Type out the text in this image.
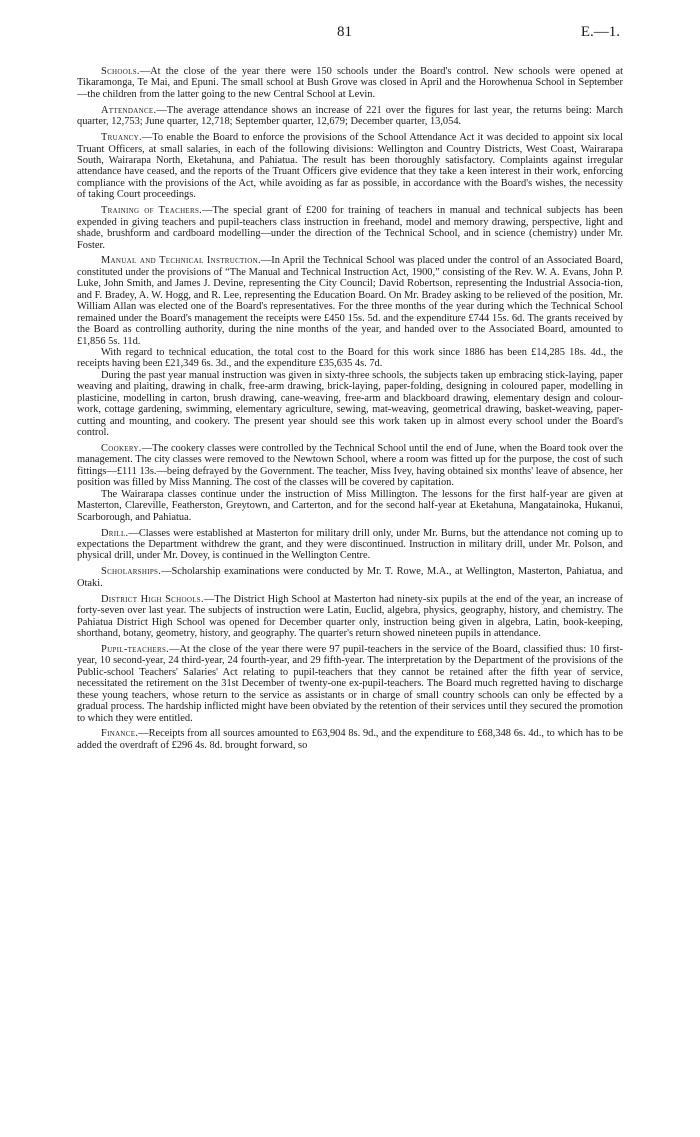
81	E.—1.

Schools.—At the close of the year there were 150 schools under the Board's control. New schools were opened at Tikaramonga, Te Mai, and Epuni. The small school at Bush Grove was closed in April and the Horowhenua School in September—the children from the latter going to the new Central School at Levin.

Attendance.—The average attendance shows an increase of 221 over the figures for last year, the returns being: March quarter, 12,753; June quarter, 12,718; September quarter, 12,679; December quarter, 13,054.

Truancy.—To enable the Board to enforce the provisions of the School Attendance Act it was decided to appoint six local Truant Officers, at small salaries, in each of the following divisions: Wellington and Country Districts, West Coast, Wairarapa South, Wairarapa North, Eketahuna, and Pahiatua. The result has been thoroughly satisfactory. Complaints against irregular attendance have ceased, and the reports of the Truant Officers give evidence that they take a keen interest in their work, enforcing compliance with the provisions of the Act, while avoiding as far as possible, in accordance with the Board's wishes, the necessity of taking Court proceedings.

Training of Teachers.—The special grant of £200 for training of teachers in manual and technical subjects has been expended in giving teachers and pupil-teachers class instruction in freehand, model and memory drawing, perspective, light and shade, brushform and cardboard modelling—under the direction of the Technical School, and in science (chemistry) under Mr. Foster.

Manual and Technical Instruction.—In April the Technical School was placed under the control of an Associated Board, constituted under the provisions of “The Manual and Technical Instruction Act, 1900,” consisting of the Rev. W. A. Evans, John P. Luke, John Smith, and James J. Devine, representing the City Council; David Robertson, representing the Industrial Associa-tion, and F. Bradey, A. W. Hogg, and R. Lee, representing the Education Board. On Mr. Bradey asking to be relieved of the position, Mr. William Allan was elected one of the Board's representatives. For the three months of the year during which the Technical School remained under the Board's management the receipts were £450 15s. 5d. and the expenditure £744 15s. 6d. The grants received by the Board as controlling authority, during the nine months of the year, and handed over to the Associated Board, amounted to £1,856 5s. 11d.

With regard to technical education, the total cost to the Board for this work since 1886 has been £14,285 18s. 4d., the receipts having been £21,349 6s. 3d., and the expenditure £35,635 4s. 7d.

During the past year manual instruction was given in sixty-three schools, the subjects taken up embracing stick-laying, paper weaving and plaiting, drawing in chalk, free-arm drawing, brick-laying, paper-folding, designing in coloured paper, modelling in plasticine, modelling in carton, brush drawing, cane-weaving, free-arm and blackboard drawing, elementary design and colour-work, cottage gardening, swimming, elementary agriculture, sewing, mat-weaving, geometrical drawing, basket-weaving, paper-cutting and mounting, and cookery. The present year should see this work taken up in almost every school under the Board's control.

Cookery.—The cookery classes were controlled by the Technical School until the end of June, when the Board took over the management. The city classes were removed to the Newtown School, where a room was fitted up for the purpose, the cost of such fittings—£111 13s.—being defrayed by the Government. The teacher, Miss Ivey, having obtained six months' leave of absence, her position was filled by Miss Manning. The cost of the classes will be covered by capitation.

The Wairarapa classes continue under the instruction of Miss Millington. The lessons for the first half-year are given at Masterton, Clareville, Featherston, Greytown, and Carterton, and for the second half-year at Eketahuna, Mangatainoka, Hukanui, Scarborough, and Pahiatua.

Drill.—Classes were established at Masterton for military drill only, under Mr. Burns, but the attendance not coming up to expectations the Department withdrew the grant, and they were discontinued. Instruction in military drill, under Mr. Polson, and physical drill, under Mr. Dovey, is continued in the Wellington Centre.

Scholarships.—Scholarship examinations were conducted by Mr. T. Rowe, M.A., at Wellington, Masterton, Pahiatua, and Otaki.

District High Schools.—The District High School at Masterton had ninety-six pupils at the end of the year, an increase of forty-seven over last year. The subjects of instruction were Latin, Euclid, algebra, physics, geography, history, and chemistry. The Pahiatua District High School was opened for December quarter only, instruction being given in algebra, Latin, book-keeping, shorthand, botany, geometry, history, and geography. The quarter's return showed nineteen pupils in attendance.

Pupil-teachers.—At the close of the year there were 97 pupil-teachers in the service of the Board, classified thus: 10 first-year, 10 second-year, 24 third-year, 24 fourth-year, and 29 fifth-year. The interpretation by the Department of the provisions of the Public-school Teachers' Salaries' Act relating to pupil-teachers that they cannot be retained after the fifth year of service, necessitated the retirement on the 31st December of twenty-one ex-pupil-teachers. The Board much regretted having to discharge these young teachers, whose return to the service as assistants or in charge of small country schools can only be effected by a gradual process. The hardship inflicted might have been obviated by the retention of their services until they secured the promotion to which they were entitled.

Finance.—Receipts from all sources amounted to £63,904 8s. 9d., and the expenditure to £68,348 6s. 4d., to which has to be added the overdraft of £296 4s. 8d. brought forward, so
